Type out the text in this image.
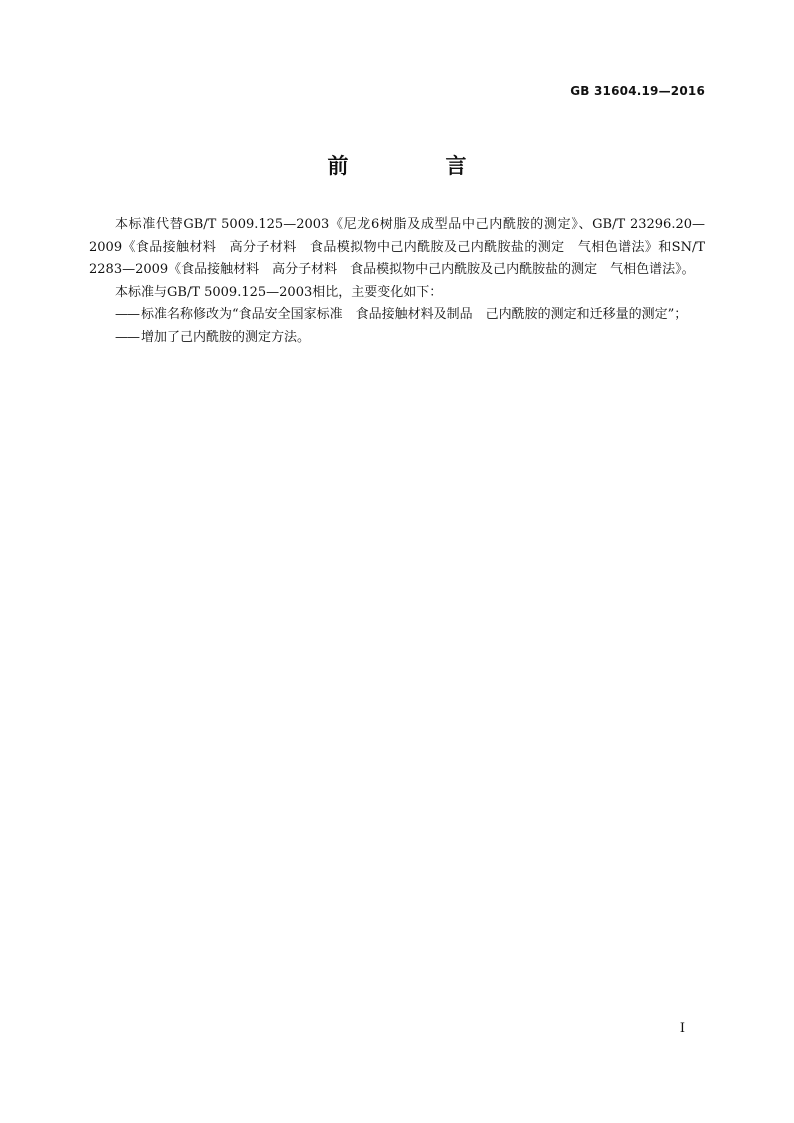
GB 31604.19—2016
前　言

本标准代替GB/T 5009.125—2003《尼龙6树脂及成型品中己内酰胺的测定》、GB/T 23296.20—2009《食品接触材料　高分子材料　食品模拟物中己内酰胺及己内酰胺盐的测定　气相色谱法》和SN/T 2283—2009《食品接触材料　高分子材料　食品模拟物中己内酰胺及己内酰胺盐的测定　气相色谱法》。

本标准与GB/T 5009.125—2003相比，主要变化如下：

—— 标准名称修改为“食品安全国家标准　食品接触材料及制品　己内酰胺的测定和迁移量的测定”；

—— 增加了己内酰胺的测定方法。

I
